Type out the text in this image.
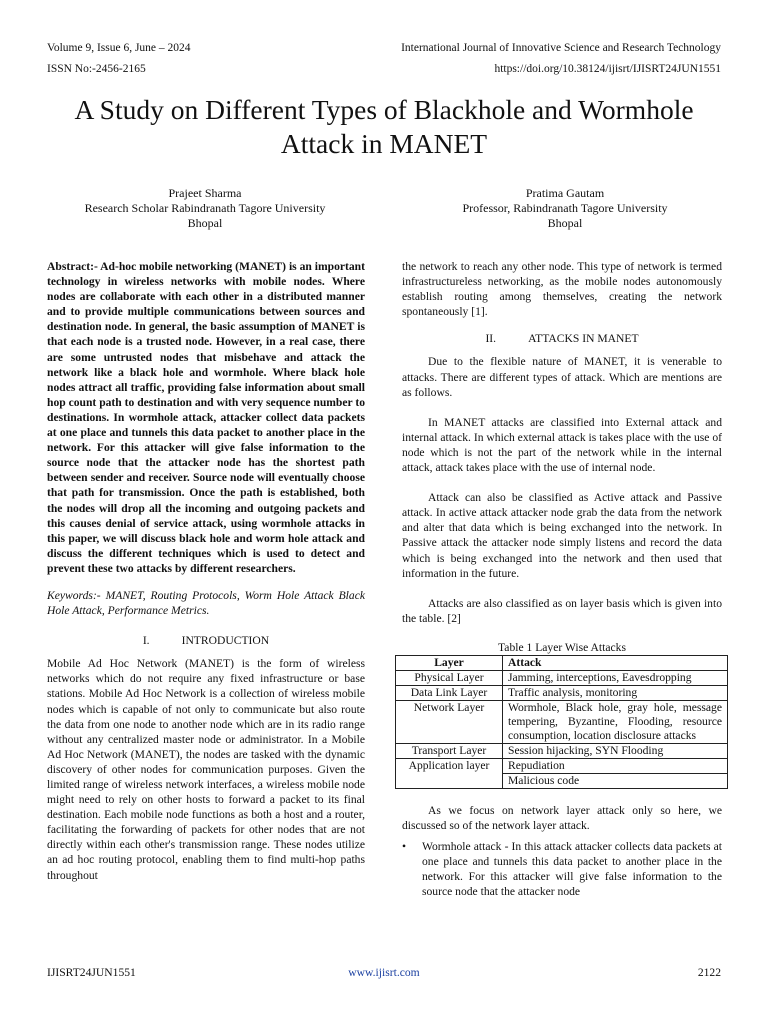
Volume 9, Issue 6, June – 2024	International Journal of Innovative Science and Research Technology
ISSN No:-2456-2165	https://doi.org/10.38124/ijisrt/IJISRT24JUN1551
A Study on Different Types of Blackhole and Wormhole
Attack in MANET
Prajeet Sharma
Research Scholar Rabindranath Tagore University
Bhopal
Pratima Gautam
Professor, Rabindranath Tagore University
Bhopal

Abstract:- Ad-hoc mobile networking (MANET) is an important technology in wireless networks with mobile nodes. Where nodes are collaborate with each other in a distributed manner and to provide multiple communications between sources and destination node. In general, the basic assumption of MANET is that each node is a trusted node. However, in a real case, there are some untrusted nodes that misbehave and attack the network like a black hole and wormhole. Where black hole nodes attract all traffic, providing false information about small hop count path to destination and with very sequence number to destinations. In wormhole attack, attacker collect data packets at one place and tunnels this data packet to another place in the network. For this attacker will give false information to the source node that the attacker node has the shortest path between sender and receiver. Source node will eventually choose that path for transmission. Once the path is established, both the nodes will drop all the incoming and outgoing packets and this causes denial of service attack, using wormhole attacks in this paper, we will discuss black hole and worm hole attack and discuss the different techniques which is used to detect and prevent these two attacks by different researchers.

Keywords:- MANET, Routing Protocols, Worm Hole Attack Black Hole Attack, Performance Metrics.

I.	INTRODUCTION

Mobile Ad Hoc Network (MANET) is the form of wireless networks which do not require any fixed infrastructure or base stations. Mobile Ad Hoc Network is a collection of wireless mobile nodes which is capable of not only to communicate but also route the data from one node to another node which are in its radio range without any centralized master node or administrator. In a Mobile Ad Hoc Network (MANET), the nodes are tasked with the dynamic discovery of other nodes for communication purposes. Given the limited range of wireless network interfaces, a wireless mobile node might need to rely on other hosts to forward a packet to its final destination. Each mobile node functions as both a host and a router, facilitating the forwarding of packets for other nodes that are not directly within each other's transmission range. These nodes utilize an ad hoc routing protocol, enabling them to find multi-hop paths throughout

the network to reach any other node. This type of network is termed infrastructureless networking, as the mobile nodes autonomously establish routing among themselves, creating the network spontaneously [1].

II.	ATTACKS IN MANET

Due to the flexible nature of MANET, it is venerable to attacks. There are different types of attack. Which are mentions are as follows.

In MANET attacks are classified into External attack and internal attack. In which external attack is takes place with the use of node which is not the part of the network while in the internal attack, attack takes place with the use of internal node.

Attack can also be classified as Active attack and Passive attack. In active attack attacker node grab the data from the network and alter that data which is being exchanged into the network. In Passive attack the attacker node simply listens and record the data which is being exchanged into the network and then used that information in the future.

Attacks are also classified as on layer basis which is given into the table. [2]

Table 1 Layer Wise Attacks
Layer	Attack
Physical Layer	Jamming, interceptions, Eavesdropping
Data Link Layer	Traffic analysis, monitoring
Network Layer	Wormhole, Black hole, gray hole, message tempering, Byzantine, Flooding, resource consumption, location disclosure attacks
Transport Layer	Session hijacking, SYN Flooding
Application layer	Repudiation
	Malicious code

As we focus on network layer attack only so here, we discussed so of the network layer attack.

• Wormhole attack - In this attack attacker collects data packets at one place and tunnels this data packet to another place in the network. For this attacker will give false information to the source node that the attacker node
IJISRT24JUN1551	www.ijisrt.com	2122
